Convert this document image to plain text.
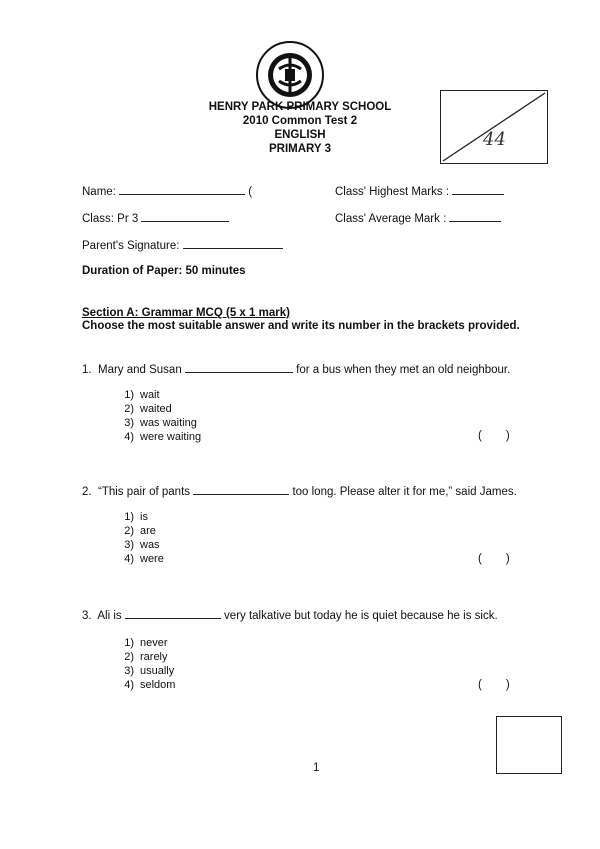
HENRY PARK PRIMARY SCHOOL
2010 Common Test 2
ENGLISH
PRIMARY 3	44
Name:	(	Class' Highest Marks :
Class: Pr 3	Class' Average Mark :
Parent's Signature:
Duration of Paper: 50 minutes
Section A: Grammar MCQ (5 x 1 mark)
Choose the most suitable answer and write its number in the brackets provided.
1. Mary and Susan	for a bus when they met an old neighbour.
1) wait
2) waited
3) was waiting
4) were waiting	( )
2. “This pair of pants	too long. Please alter it for me,” said James.
1) is
2) are
3) was
4) were	( )
3. Ali is	very talkative but today he is quiet because he is sick.
1) never
2) rarely
3) usually
4) seldom	( )
1
